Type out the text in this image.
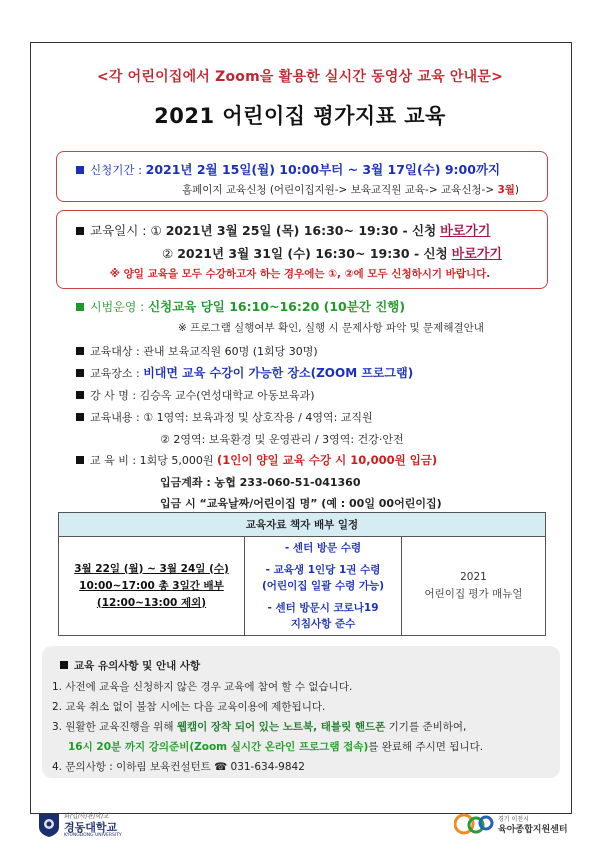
<각 어린이집에서 Zoom을 활용한 실시간 동영상 교육 안내문>
2021 어린이집 평가지표 교육
신청기간 : 2021년 2월 15일(월) 10:00부터 ~ 3월 17일(수) 9:00까지
홈페이지 교육신청 (어린이집지원-> 보육교직원 교육-> 교육신청-> 3월)
교육일시 : ① 2021년 3월 25일 (목) 16:30~ 19:30 - 신청 바로가기
② 2021년 3월 31일 (수) 16:30~ 19:30 - 신청 바로가기
※ 양일 교육을 모두 수강하고자 하는 경우에는 ①, ②에 모두 신청하시기 바랍니다.
시범운영 : 신청교육 당일 16:10~16:20 (10분간 진행)
※ 프로그램 실행여부 확인, 실행 시 문제사항 파악 및 문제해결안내
교육대상 : 관내 보육교직원 60명 (1회당 30명)
교육장소 : 비대면 교육 수강이 가능한 장소(ZOOM 프로그램)
강 사 명 : 김승옥 교수(연성대학교 아동보육과)
교육내용 : ① 1영역: 보육과정 및 상호작용 / 4영역: 교직원
② 2영역: 보육환경 및 운영관리 / 3영역: 건강·안전
교 육 비 : 1회당 5,000원 (1인이 양일 교육 수강 시 10,000원 입금)
입금계좌 : 농협 233-060-51-041360
입금 시 “교육날짜/어린이집 명” (예 : 00일 00어린이집)
교육자료 책자 배부 일정

3월 22일 (월) ~ 3월 24일 (수)
10:00~17:00 총 3일간 배부
(12:00~13:00 제외)

- 센터 방문 수령
- 교육생 1인당 1권 수령
(어린이집 일괄 수령 가능)
- 센터 방문시 코로나19
지침사항 준수

2021
어린이집 평가 매뉴얼
교육 유의사항 및 안내 사항
1. 사전에 교육을 신청하지 않은 경우 교육에 참여 할 수 없습니다.
2. 교육 취소 없이 불참 시에는 다음 교육이용에 제한됩니다.
3. 원활한 교육진행을 위해 웹캠이 장착 되어 있는 노트북, 태블릿 핸드폰 기기를 준비하여,
16시 20분 까지 강의준비(Zoom 실시간 온라인 프로그램 접속)를 완료해 주시면 됩니다.
4. 문의사항 : 이하림 보육컨설턴트 ☎ 031-634-9842
화/입/사/관/학/교
경동대학교
KYUNGDONG UNIVERSITY
경기 이천시
육아종합지원센터
